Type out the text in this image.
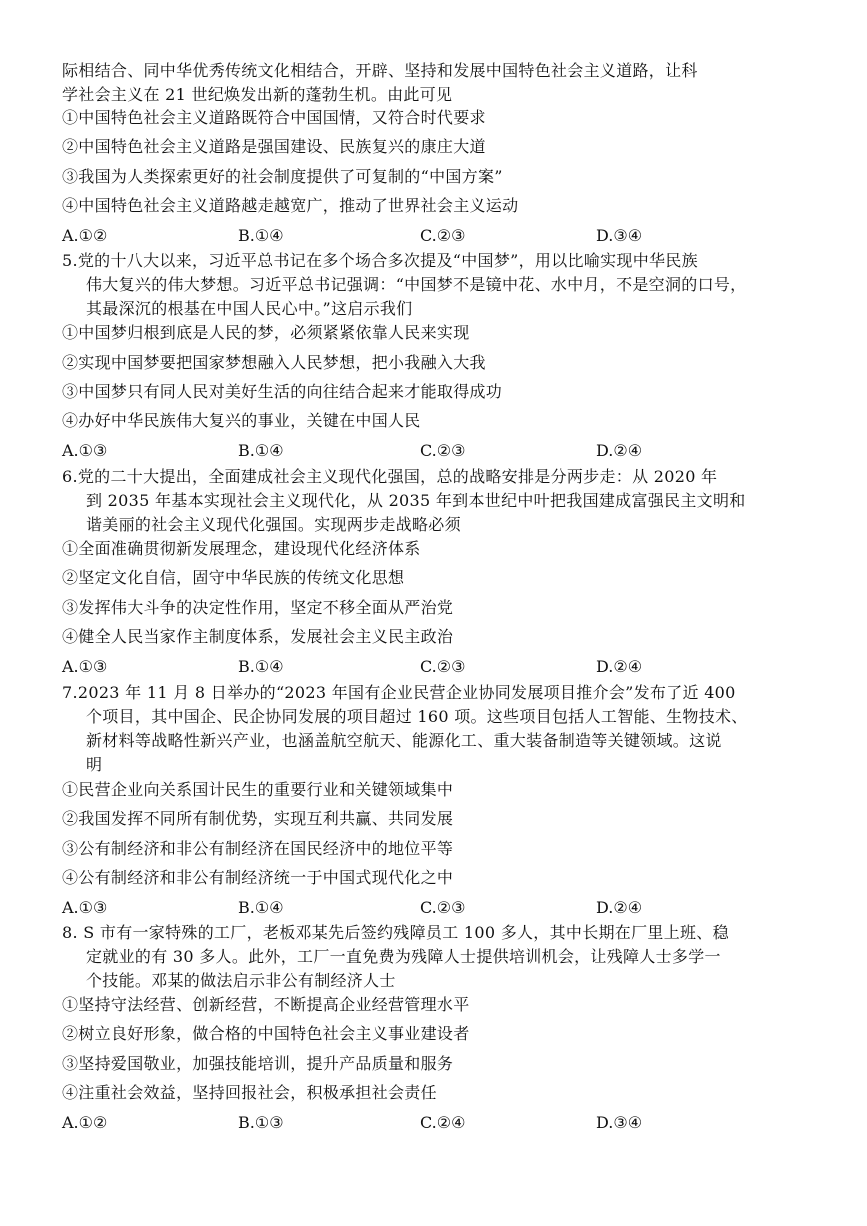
际相结合、同中华优秀传统文化相结合，开辟、坚持和发展中国特色社会主义道路，让科
学社会主义在 21 世纪焕发出新的蓬勃生机。由此可见
①中国特色社会主义道路既符合中国国情，又符合时代要求
②中国特色社会主义道路是强国建设、民族复兴的康庄大道
③我国为人类探索更好的社会制度提供了可复制的“中国方案”
④中国特色社会主义道路越走越宽广，推动了世界社会主义运动
A.①②	B.①④	C.②③	D.③④
5.党的十八大以来，习近平总书记在多个场合多次提及“中国梦”，用以比喻实现中华民族
伟大复兴的伟大梦想。习近平总书记强调：“中国梦不是镜中花、水中月，不是空洞的口号，
其最深沉的根基在中国人民心中。”这启示我们
①中国梦归根到底是人民的梦，必须紧紧依靠人民来实现
②实现中国梦要把国家梦想融入人民梦想，把小我融入大我
③中国梦只有同人民对美好生活的向往结合起来才能取得成功
④办好中华民族伟大复兴的事业，关键在中国人民
A.①③	B.①④	C.②③	D.②④
6.党的二十大提出，全面建成社会主义现代化强国，总的战略安排是分两步走：从 2020 年
到 2035 年基本实现社会主义现代化，从 2035 年到本世纪中叶把我国建成富强民主文明和
谐美丽的社会主义现代化强国。实现两步走战略必须
①全面准确贯彻新发展理念，建设现代化经济体系
②坚定文化自信，固守中华民族的传统文化思想
③发挥伟大斗争的决定性作用，坚定不移全面从严治党
④健全人民当家作主制度体系，发展社会主义民主政治
A.①③	B.①④	C.②③	D.②④
7.2023 年 11 月 8 日举办的“2023 年国有企业民营企业协同发展项目推介会”发布了近 400
个项目，其中国企、民企协同发展的项目超过 160 项。这些项目包括人工智能、生物技术、
新材料等战略性新兴产业，也涵盖航空航天、能源化工、重大装备制造等关键领域。这说
明
①民营企业向关系国计民生的重要行业和关键领域集中
②我国发挥不同所有制优势，实现互利共赢、共同发展
③公有制经济和非公有制经济在国民经济中的地位平等
④公有制经济和非公有制经济统一于中国式现代化之中
A.①③	B.①④	C.②③	D.②④
8. S 市有一家特殊的工厂，老板邓某先后签约残障员工 100 多人，其中长期在厂里上班、稳
定就业的有 30 多人。此外，工厂一直免费为残障人士提供培训机会，让残障人士多学一
个技能。邓某的做法启示非公有制经济人士
①坚持守法经营、创新经营，不断提高企业经营管理水平
②树立良好形象，做合格的中国特色社会主义事业建设者
③坚持爱国敬业，加强技能培训，提升产品质量和服务
④注重社会效益，坚持回报社会，积极承担社会责任
A.①②	B.①③	C.②④	D.③④
